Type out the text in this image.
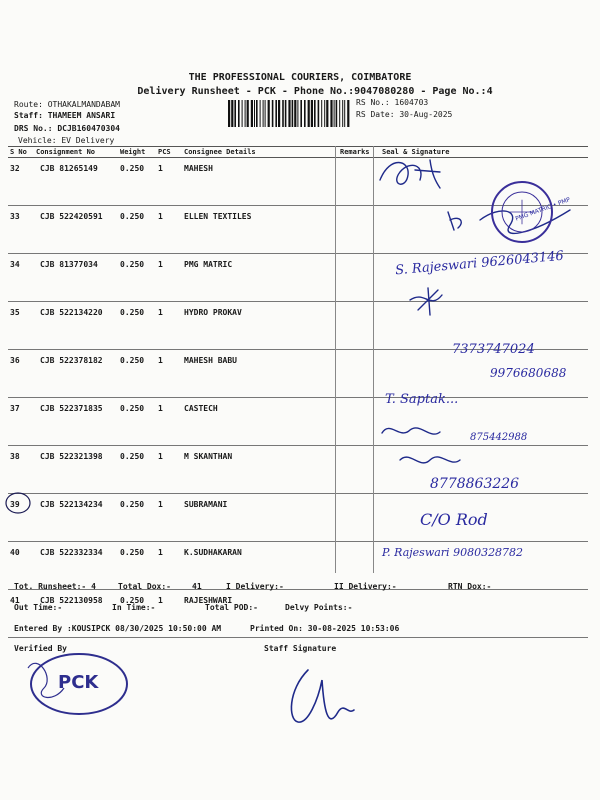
THE PROFESSIONAL COURIERS, COIMBATORE
Delivery Runsheet - PCK - Phone No.:9047080280 - Page No.:4
Route: OTHAKALMANDABAM
Staff: THAMEEM ANSARI
DRS No.: DCJB160470304
Vehicle: EV Delivery
RS No.: 1604703
RS Date: 30-Aug-2025
S No	Consignment No	Weight	PCS	Consignee Details	Remarks	Seal & Signature
32	CJB 81265149	0.250	1	MAHESH		
33	CJB 522420591	0.250	1	ELLEN TEXTILES		
34	CJB 81377034	0.250	1	PMG MATRIC		
35	CJB 522134220	0.250	1	HYDRO PROKAV		
36	CJB 522378182	0.250	1	MAHESH BABU		
37	CJB 522371835	0.250	1	CASTECH		
38	CJB 522321398	0.250	1	M SKANTHAN		
39	CJB 522134234	0.250	1	SUBRAMANI		
40	CJB 522332334	0.250	1	K.SUDHAKARAN		
41	CJB 522130958	0.250	1	RAJESHWARI		
PMG MATRIC • PMP
S. Rajeswari 9626043146
7373747024
9976680688
T. Saptak...
875442988
8778863226
C/O Rod
P. Rajeswari 9080328782
Tot. Runsheet:- 4	Total Dox:-	41	I Delivery:-	II Delivery:-	RTN Dox:-
Out Time:-	In Time:-	Total POD:-	Delvy Points:-
Entered By :KOUSIPCK 08/30/2025 10:50:00 AM	Printed On: 30-08-2025 10:53:06
Verified By	Staff Signature
PCK
